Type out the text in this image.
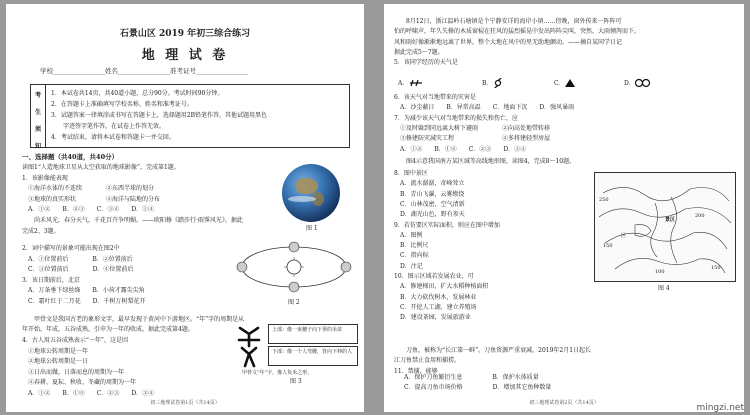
石景山区 2019 年初三综合练习
地 理 试 卷
学校________________姓名________________准考证号________________
考
生
须
知
1．本试卷共14页，共40道小题，总分90分。考试时间90分钟。
2．在答题卡上准确填写学校名称、姓名和准考证号。
3．试题答案一律填涂或书写在答题卡上，选择题用2B铅笔作答，其他试题用黑色
　　字迹签字笔作答，在试卷上作答无效。
4．考试结束，请将本试卷和答题卡一并交回。
一、选择题（共40道，共40分）
读图1“人造地球卫星从太空获取的地球影像”，完成第1题。
1．该影像能表现
　①海洋水体的不连续　　　　②东西半球的划分
　③地球的真实形状　　　　　④海洋与陆地的分布
　A．①②　　B．②③　　C．③④　　D．①④
　　尚禾风光，春分天气，千花百卉争明媚。——欧阳修《踏莎行·雨霁风光》。据此
完成2、3题。
2．词中描写的景象可能出现在图2中
　A．①位置前后　　　　B．②位置前后
　C．③位置前后　　　　D．④位置前后
3．该日期前后，北京
　A．万条垂下绿丝绦　　B．小荷才露尖尖角
　C．霜叶红于二月花　　D．千树万树梨花开
　　甲骨文是我国古老的象形文字，最早发现于黄河中下游地区。“年”字的周期是从
年开始。年成，五谷成熟，引申为一年的收成。据此完成第4题。
4．古人用五谷成熟表示“一年”，这是因
　①地球公转周期是一年
　②地球公转周期是一日
　③日出而做，日落而息的周期为一年
　④春耕、夏耘、秋收、冬藏的周期为一年
　A．①②　　B．①④　　C．②③　　D．③④
图 1
图 2
上部：像一束穗子向下垂的禾苗
下部：像一个人弯腰，背向下伸的人
甲骨文“年”字，像人负禾之形。
图 3
初三地理试卷第1页（共14页）
　　8月12日，浙江温岭石塘镇是个宁静安详的海岸小镇……傍晚，窗外传来一阵阵可
怕的呼啸声，年久失修的木质窗棂在狂风的猛烈摇晃中发出阵阵尖叫，突然，大雨倾泻而下。
风和雨好像渐渐地远离了世界，整个大地在风中的里无助地颤动。——摘自某同学日记
据此完成5～7题。
5．该同学经历的天气是
6．该天气对当地带来的灾害是
　A．沙尘蔽日　　B．异常高温　　C．地面下沉　　D．强风暴雨
7．为减少该天气对当地带来的损失和伤亡，应
　①及时躲到同远离大树下避雨　　　　②向高处地带转移
　③修建防灾减灾工程　　　　　　　　④多将建轻型房屋
　A．①②　　B．①④　　C．②③　　D．③④
　　图4示意我国南方某区域等高线地形图，读图4，完成8～10题。
8．图中景区
　A．流水潺潺，奇峰耸立
　B．青山飞瀑，云雾缭绕
　C．山林茂密，空气清新
　D．湖光山色，野有参天
9．若仿要区实际面积，则应在图中增加
　A．图例
　B．比例尺
　C．指向标
　D．注记
10．图示区域若发展农业，可
　A．修建梯田，扩大水稻种植面积
　B．大力砍伐树木，发展林业
　C．开挖人工湖，建立养殖场
　D．建设茶园，发展旅游业
　　刀鱼，被称为“长江第一鲜”，刀鱼资源严重衰减，2019年2月1日起长
江刀鱼禁止食用和捕捞。
11．禁捕，能够
A．	B．	C．	D．
250
200
150
150
100
景区
区
图 4
　A．保护刀鱼繁衍生息　　　　　B．保护水体质量
　C．提高刀鱼市场价格　　　　　D．增加其它鱼种数量
初三地理试卷第2页（共14页）	mingzi.net
